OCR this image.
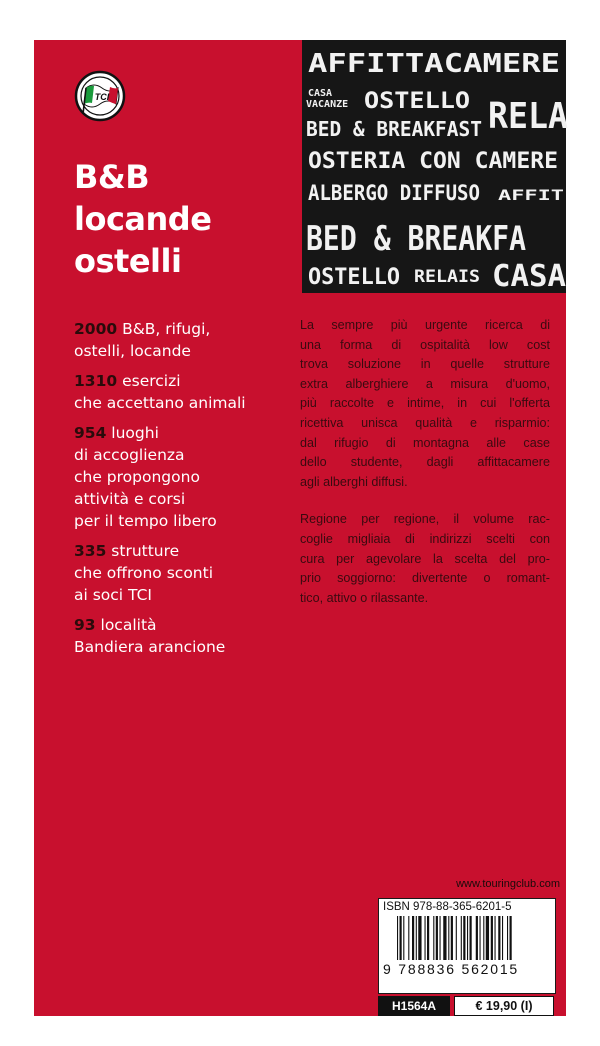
TCI
B&B
locande
ostelli
2000 B&B, rifugi,
ostelli, locande
1310 esercizi
che accettano animali
954 luoghi
di accoglienza
che propongono
attività e corsi
per il tempo libero
335 strutture
che offrono sconti
ai soci TCI
93 località
Bandiera arancione
AFFITTACAMERE
CASA
VACANZE OSTELLO RELA
BED & BREAKFAST
OSTERIA CON CAMERE
ALBERGO DIFFUSO AFFIT
BED & BREAKFA
OSTELLO RELAIS CASA

La sempre più urgente ricerca di
una forma di ospitalità low cost
trova soluzione in quelle strutture
extra alberghiere a misura d'uomo,
più raccolte e intime, in cui l'offerta
ricettiva unisca qualità e risparmio:
dal rifugio di montagna alle case
dello studente, dagli affittacamere
agli alberghi diffusi.

Regione per regione, il volume rac-
coglie migliaia di indirizzi scelti con
cura per agevolare la scelta del pro-
prio soggiorno: divertente o romant-
tico, attivo o rilassante.

www.touringclub.com
ISBN 978-88-365-6201-5
9 788836 562015
H1564A	€ 19,90 (I)
